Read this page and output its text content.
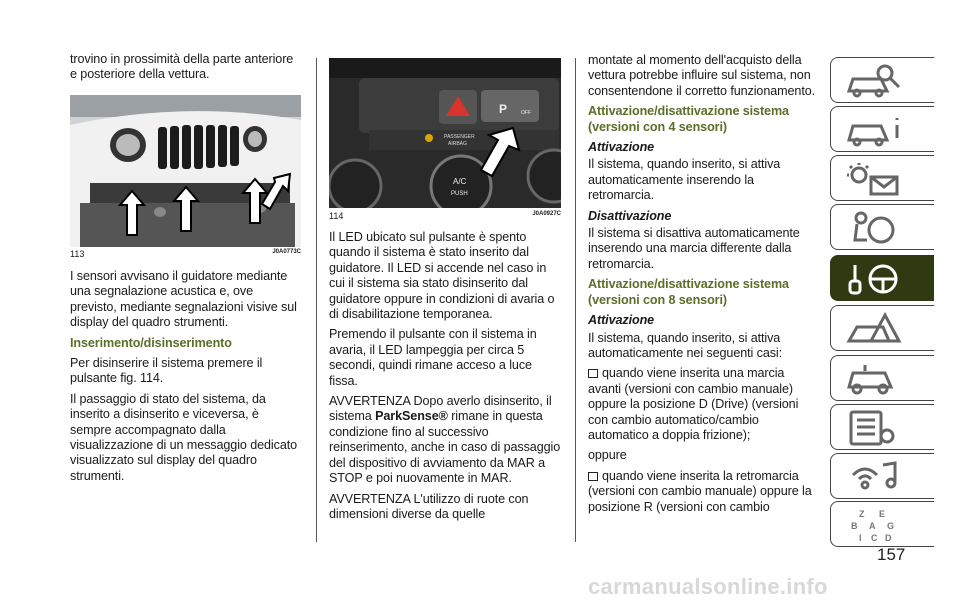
trovino in prossimità della parte anteriore e posteriore della vettura.

113	J0A0773C

I sensori avvisano il guidatore mediante una segnalazione acustica e, ove previsto, mediante segnalazioni visive sul display del quadro strumenti.

Inserimento/disinserimento

Per disinserire il sistema premere il pulsante fig. 114.

Il passaggio di stato del sistema, da inserito a disinserito e viceversa, è sempre accompagnato dalla visualizzazione di un messaggio dedicato visualizzato sul display del quadro strumenti.

P	OFF
PASSENGER
AIRBAG
A/C
PUSH
114	J0A0927C

Il LED ubicato sul pulsante è spento quando il sistema è stato inserito dal guidatore. Il LED si accende nel caso in cui il sistema sia stato disinserito dal guidatore oppure in condizioni di avaria o di disabilitazione temporanea.

Premendo il pulsante con il sistema in avaria, il LED lampeggia per circa 5 secondi, quindi rimane acceso a luce fissa.

AVVERTENZA Dopo averlo disinserito, il sistema ParkSense® rimane in questa condizione fino al successivo reinserimento, anche in caso di passaggio del dispositivo di avviamento da MAR a STOP e poi nuovamente in MAR.

AVVERTENZA L'utilizzo di ruote con dimensioni diverse da quelle

montate al momento dell'acquisto della vettura potrebbe influire sul sistema, non consentendone il corretto funzionamento.

Attivazione/disattivazione sistema (versioni con 4 sensori)

Attivazione

Il sistema, quando inserito, si attiva automaticamente inserendo la retromarcia.

Disattivazione

Il sistema si disattiva automaticamente inserendo una marcia differente dalla retromarcia.

Attivazione/disattivazione sistema (versioni con 8 sensori)

Attivazione

Il sistema, quando inserito, si attiva automaticamente nei seguenti casi:

quando viene inserita una marcia avanti (versioni con cambio manuale) oppure la posizione D (Drive) (versioni con cambio automatico/cambio automatico a doppia frizione);

oppure

quando viene inserita la retromarcia (versioni con cambio manuale) oppure la posizione R (versioni con cambio

Z E
B A G
I C D
157
carmanualsonline.info
